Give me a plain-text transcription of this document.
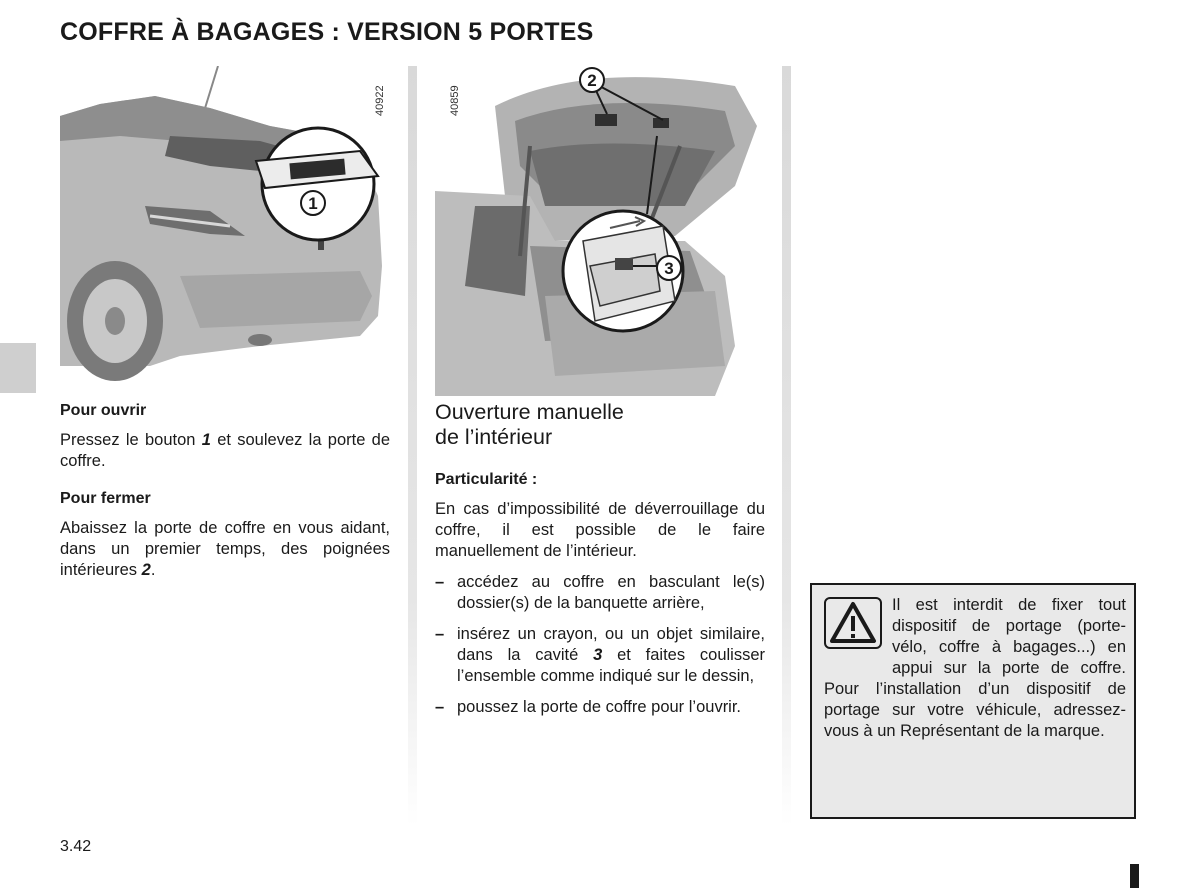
COFFRE À BAGAGES : VERSION 5 PORTES
1
40922
2
3
40859

Pour ouvrir

Pressez le bouton 1 et soulevez la porte de coffre.

Pour fermer

Abaissez la porte de coffre en vous aidant, dans un premier temps, des poignées intérieures 2.

Ouverture manuelle
de l’intérieur

Particularité :

En cas d’impossibilité de déverrouillage du coffre, il est possible de le faire manuellement de l’intérieur.

– accédez au coffre en basculant le(s) dossier(s) de la banquette arrière,

– insérez un crayon, ou un objet similaire, dans la cavité 3 et faites coulisser l’ensemble comme indiqué sur le dessin,

– poussez la porte de coffre pour l’ouvrir.

Il est interdit de fixer tout dispositif de portage (porte-vélo, coffre à bagages...) en appui sur la porte de coffre. Pour l’installation d’un dispositif de portage sur votre véhicule, adressez-vous à un Représentant de la marque.
3.42
